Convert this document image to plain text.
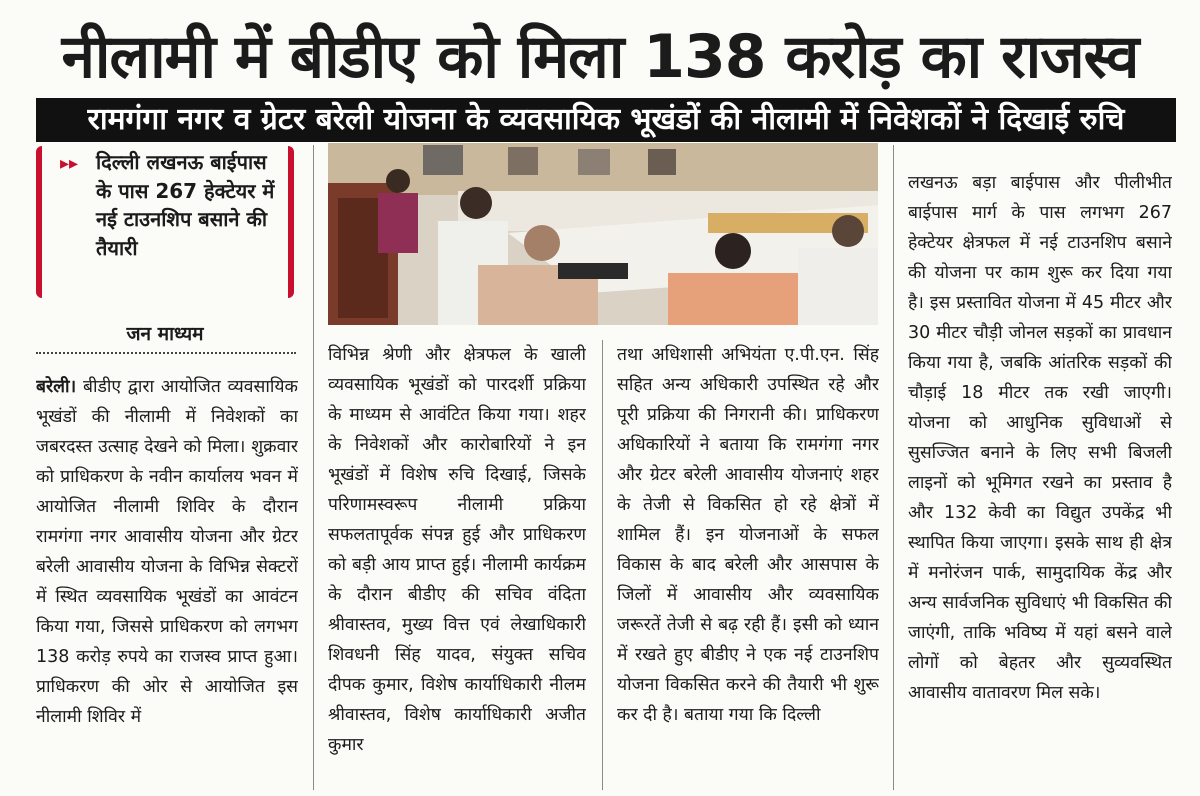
नीलामी में बीडीए को मिला 138 करोड़ का राजस्व
रामगंगा नगर व ग्रेटर बरेली योजना के व्यवसायिक भूखंडों की नीलामी में निवेशकों ने दिखाई रुचि
▸▸ दिल्ली लखनऊ बाईपास के पास 267 हेक्टेयर में नई टाउनशिप बसाने की तैयारी
जन माध्यम
बरेली। बीडीए द्वारा आयोजित व्यवसायिक भूखंडों की नीलामी में निवेशकों का जबरदस्त उत्साह देखने को मिला। शुक्रवार को प्राधिकरण के नवीन कार्यालय भवन में आयोजित नीलामी शिविर के दौरान रामगंगा नगर आवासीय योजना और ग्रेटर बरेली आवासीय योजना के विभिन्न सेक्टरों में स्थित व्यवसायिक भूखंडों का आवंटन किया गया, जिससे प्राधिकरण को लगभग 138 करोड़ रुपये का राजस्व प्राप्त हुआ। प्राधिकरण की ओर से आयोजित इस नीलामी शिविर में
विभिन्न श्रेणी और क्षेत्रफल के खाली व्यवसायिक भूखंडों को पारदर्शी प्रक्रिया के माध्यम से आवंटित किया गया। शहर के निवेशकों और कारोबारियों ने इन भूखंडों में विशेष रुचि दिखाई, जिसके परिणामस्वरूप नीलामी प्रक्रिया सफलतापूर्वक संपन्न हुई और प्राधिकरण को बड़ी आय प्राप्त हुई। नीलामी कार्यक्रम के दौरान बीडीए की सचिव वंदिता श्रीवास्तव, मुख्य वित्त एवं लेखाधिकारी शिवधनी सिंह यादव, संयुक्त सचिव दीपक कुमार, विशेष कार्याधिकारी नीलम श्रीवास्तव, विशेष कार्याधिकारी अजीत कुमार
तथा अधिशासी अभियंता ए.पी.एन. सिंह सहित अन्य अधिकारी उपस्थित रहे और पूरी प्रक्रिया की निगरानी की। प्राधिकरण अधिकारियों ने बताया कि रामगंगा नगर और ग्रेटर बरेली आवासीय योजनाएं शहर के तेजी से विकसित हो रहे क्षेत्रों में शामिल हैं। इन योजनाओं के सफल विकास के बाद बरेली और आसपास के जिलों में आवासीय और व्यवसायिक जरूरतें तेजी से बढ़ रही हैं। इसी को ध्यान में रखते हुए बीडीए ने एक नई टाउनशिप योजना विकसित करने की तैयारी भी शुरू कर दी है। बताया गया कि दिल्ली
लखनऊ बड़ा बाईपास और पीलीभीत बाईपास मार्ग के पास लगभग 267 हेक्टेयर क्षेत्रफल में नई टाउनशिप बसाने की योजना पर काम शुरू कर दिया गया है। इस प्रस्तावित योजना में 45 मीटर और 30 मीटर चौड़ी जोनल सड़कों का प्रावधान किया गया है, जबकि आंतरिक सड़कों की चौड़ाई 18 मीटर तक रखी जाएगी। योजना को आधुनिक सुविधाओं से सुसज्जित बनाने के लिए सभी बिजली लाइनों को भूमिगत रखने का प्रस्ताव है और 132 केवी का विद्युत उपकेंद्र भी स्थापित किया जाएगा। इसके साथ ही क्षेत्र में मनोरंजन पार्क, सामुदायिक केंद्र और अन्य सार्वजनिक सुविधाएं भी विकसित की जाएंगी, ताकि भविष्य में यहां बसने वाले लोगों को बेहतर और सुव्यवस्थित आवासीय वातावरण मिल सके।
